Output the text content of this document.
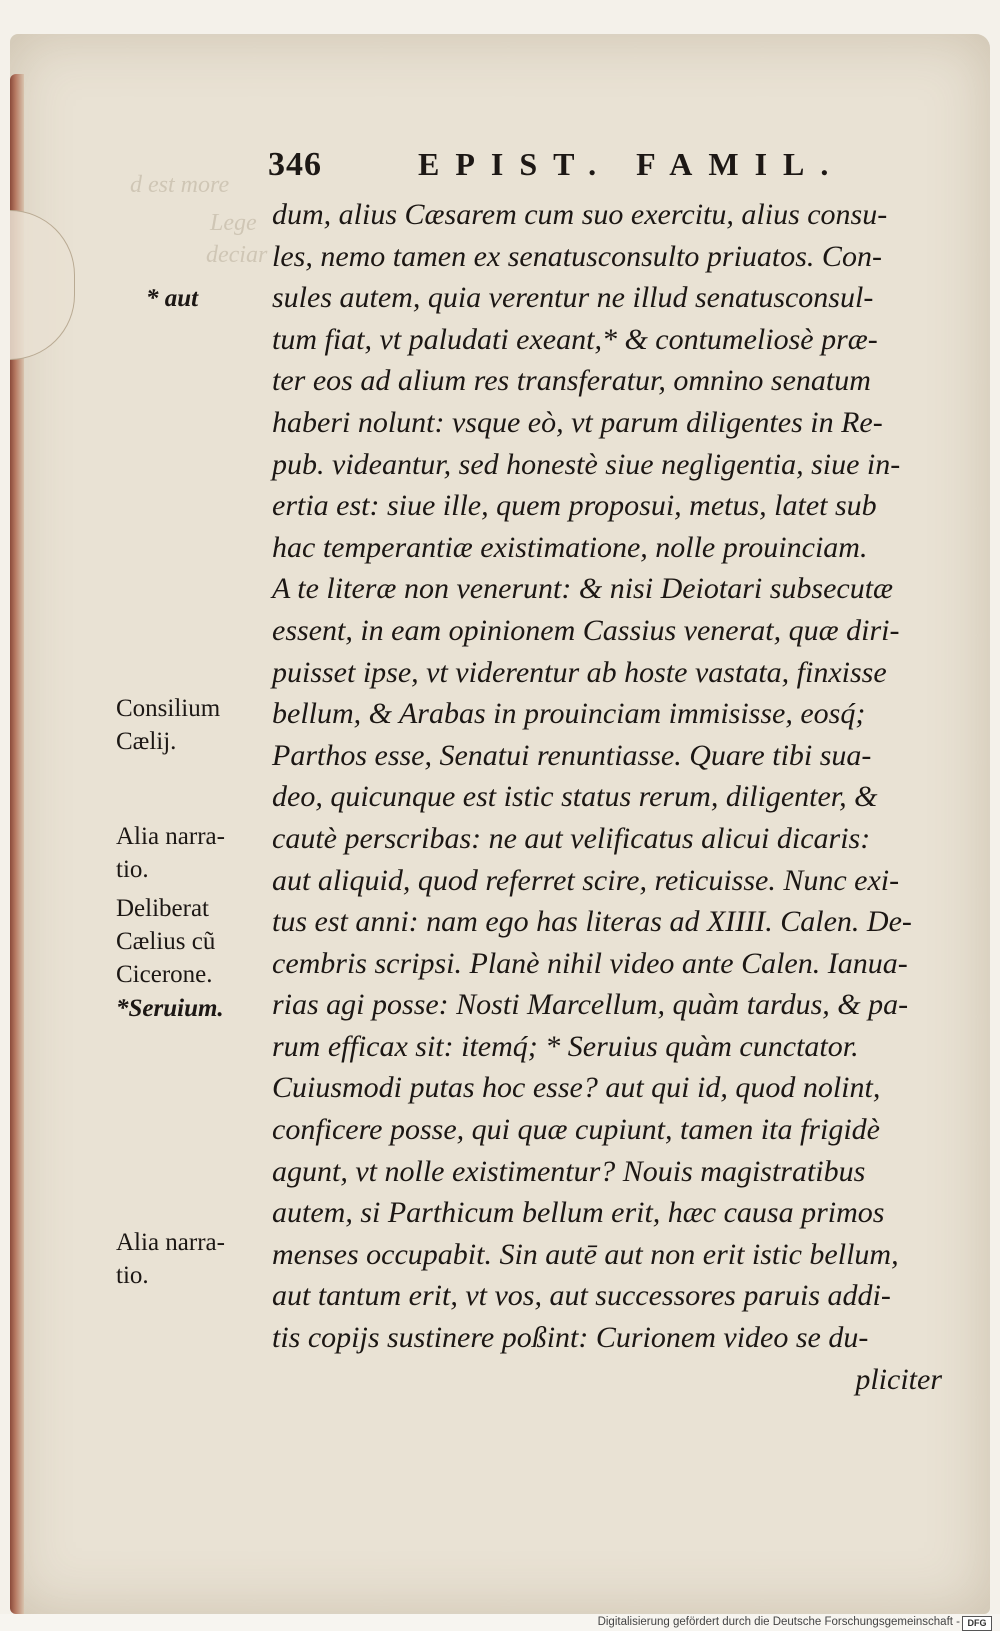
d est more
Lege
deciar
346	EPIST. FAMIL.
dum, alius Cæsarem cum suo exercitu, alius consu-
les, nemo tamen ex senatusconsulto priuatos. Con-
sules autem, quia verentur ne illud senatusconsul-
tum fiat, vt paludati exeant,* & contumeliosè præ-
ter eos ad alium res transferatur, omnino senatum
haberi nolunt: vsque eò, vt parum diligentes in Re-
pub. videantur, sed honestè siue negligentia, siue in-
ertia est: siue ille, quem proposui, metus, latet sub
hac temperantiæ existimatione, nolle prouinciam.
A te literæ non venerunt: & nisi Deiotari subsecutæ
essent, in eam opinionem Cassius venerat, quæ diri-
puisset ipse, vt viderentur ab hoste vastata, finxisse
bellum, & Arabas in prouinciam immisisse, eosq́;
Parthos esse, Senatui renuntiasse. Quare tibi sua-
deo, quicunque est istic status rerum, diligenter, &
cautè perscribas: ne aut velificatus alicui dicaris:
aut aliquid, quod referret scire, reticuisse. Nunc exi-
tus est anni: nam ego has literas ad XIIII. Calen. De-
cembris scripsi. Planè nihil video ante Calen. Ianua-
rias agi posse: Nosti Marcellum, quàm tardus, & pa-
rum efficax sit: itemq́; * Seruius quàm cunctator.
Cuiusmodi putas hoc esse? aut qui id, quod nolint,
conficere posse, qui quæ cupiunt, tamen ita frigidè
agunt, vt nolle existimentur? Nouis magistratibus
autem, si Parthicum bellum erit, hæc causa primos
menses occupabit. Sin autē aut non erit istic bellum,
aut tantum erit, vt vos, aut successores paruis addi-
tis copijs sustinere poßint: Curionem video se du-
pliciter
* aut
Consilium
Cælij.
Alia narra-
tio.
Deliberat
Cælius cũ
Cicerone.
*Seruium.
Alia narra-
tio.
Digitalisierung gefördert durch die Deutsche Forschungsgemeinschaft - DFG
